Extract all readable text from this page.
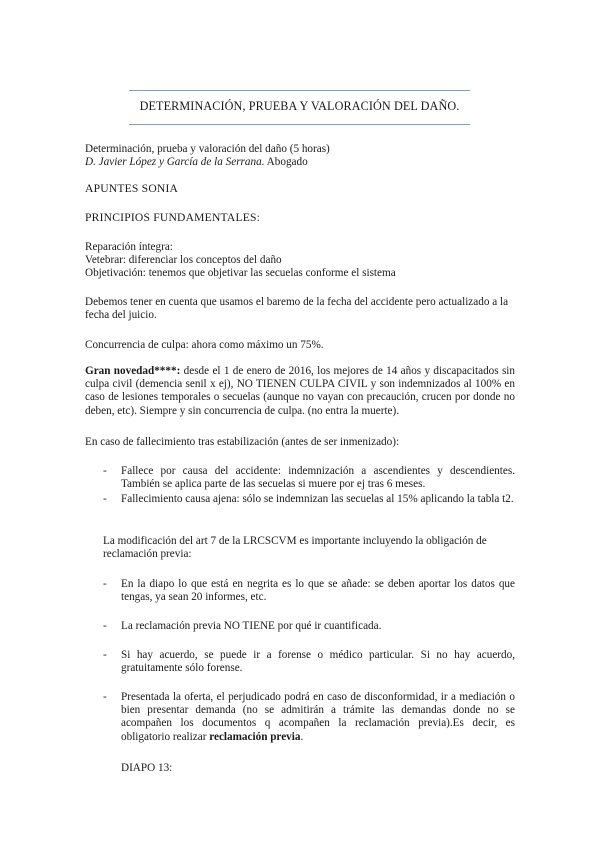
DETERMINACIÓN, PRUEBA Y VALORACIÓN DEL DAÑO.
Determinación, prueba y valoración del daño (5 horas)
D. Javier López y García de la Serrana. Abogado
APUNTES SONIA
PRINCIPIOS FUNDAMENTALES:
Reparación íntegra:
Vetebrar: diferenciar los conceptos del daño
Objetivación: tenemos que objetivar las secuelas conforme el sistema
Debemos tener en cuenta que usamos el baremo de la fecha del accidente pero actualizado a la fecha del juicio.
Concurrencia de culpa: ahora como máximo un 75%.
Gran novedad****: desde el 1 de enero de 2016, los mejores de 14 años y discapacitados sin culpa civil (demencia senil x ej), NO TIENEN CULPA CIVIL y son indemnizados al 100% en caso de lesiones temporales o secuelas (aunque no vayan con precaución, crucen por donde no deben, etc). Siempre y sin concurrencia de culpa. (no entra la muerte).
En caso de fallecimiento tras estabilización (antes de ser inmenizado):
- Fallece por causa del accidente: indemnización a ascendientes y descendientes. También se aplica parte de las secuelas si muere por ej tras 6 meses.
- Fallecimiento causa ajena: sólo se indemnizan las secuelas al 15% aplicando la tabla t2.
La modificación del art 7 de la LRCSCVM es importante incluyendo la obligación de reclamación previa:
- En la diapo lo que está en negrita es lo que se añade: se deben aportar los datos que tengas, ya sean 20 informes, etc.
- La reclamación previa NO TIENE por qué ir cuantificada.
- Si hay acuerdo, se puede ir a forense o médico particular. Si no hay acuerdo, gratuitamente sólo forense.
- Presentada la oferta, el perjudicado podrá en caso de disconformidad, ir a mediación o bien presentar demanda (no se admitirán a trámite las demandas donde no se acompañen los documentos q acompañen la reclamación previa).Es decir, es obligatorio realizar reclamación previa.
DIAPO 13:
